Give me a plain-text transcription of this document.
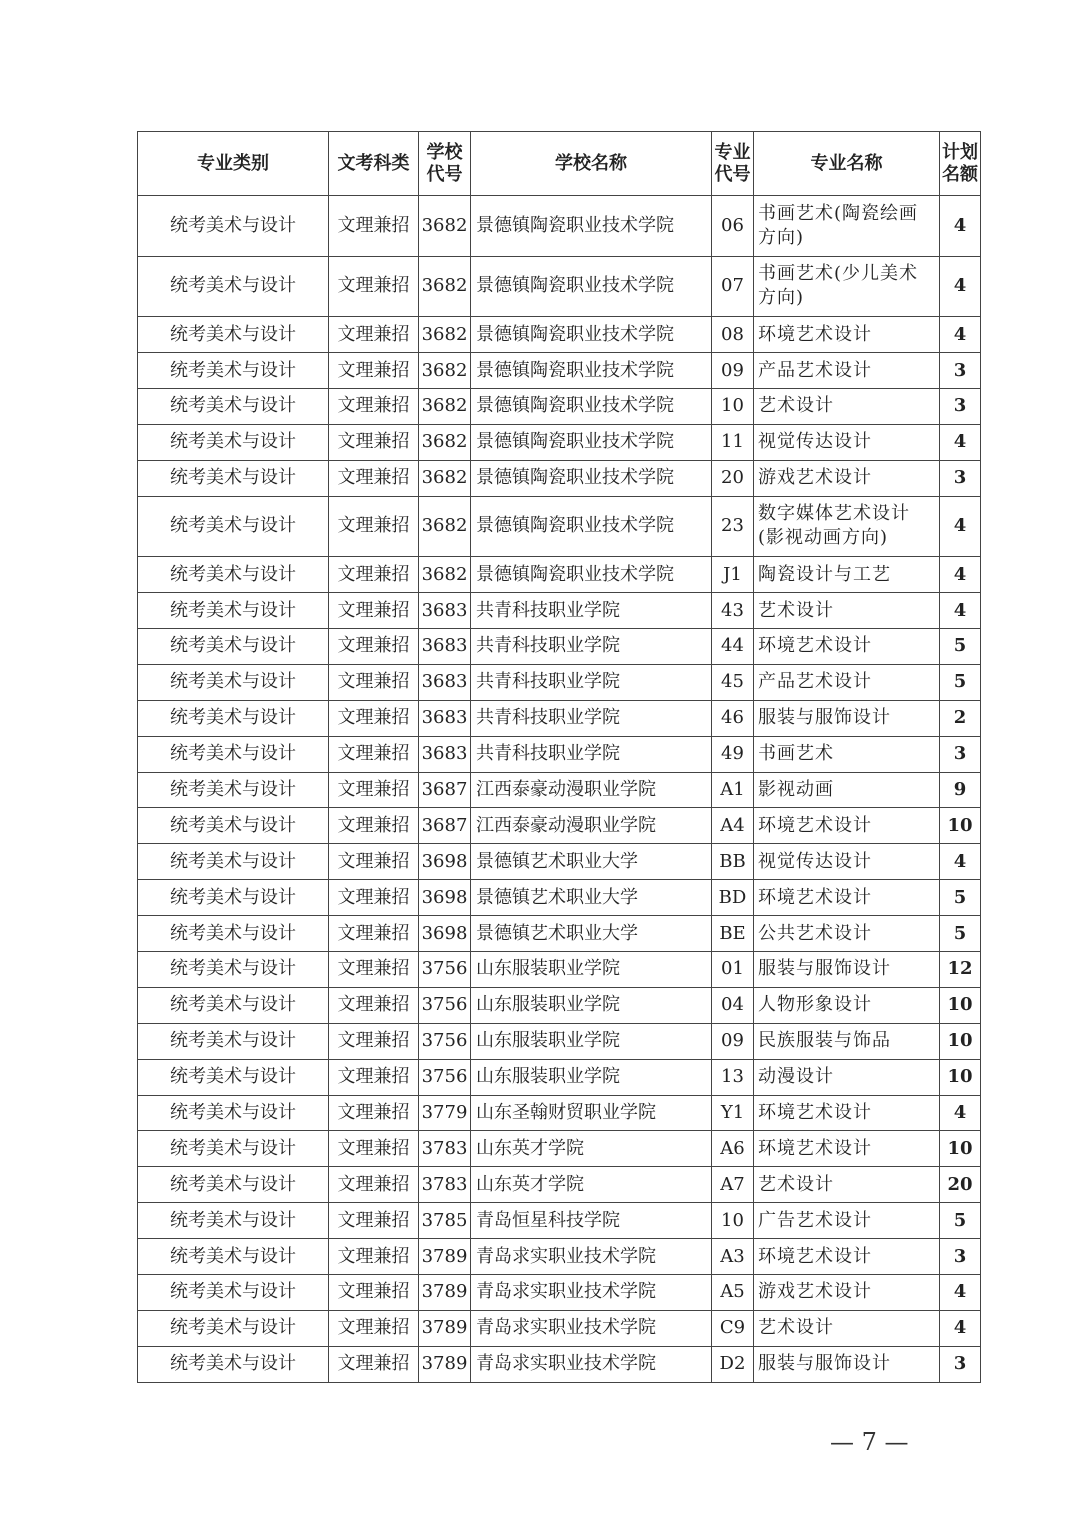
专业类别	文考科类	学校代号	学校名称	专业代号	专业名称	计划名额
统考美术与设计	文理兼招	3682	景德镇陶瓷职业技术学院	06	书画艺术(陶瓷绘画方向)	4
统考美术与设计	文理兼招	3682	景德镇陶瓷职业技术学院	07	书画艺术(少儿美术方向)	4
统考美术与设计	文理兼招	3682	景德镇陶瓷职业技术学院	08	环境艺术设计	4
统考美术与设计	文理兼招	3682	景德镇陶瓷职业技术学院	09	产品艺术设计	3
统考美术与设计	文理兼招	3682	景德镇陶瓷职业技术学院	10	艺术设计	3
统考美术与设计	文理兼招	3682	景德镇陶瓷职业技术学院	11	视觉传达设计	4
统考美术与设计	文理兼招	3682	景德镇陶瓷职业技术学院	20	游戏艺术设计	3
统考美术与设计	文理兼招	3682	景德镇陶瓷职业技术学院	23	数字媒体艺术设计(影视动画方向)	4
统考美术与设计	文理兼招	3682	景德镇陶瓷职业技术学院	J1	陶瓷设计与工艺	4
统考美术与设计	文理兼招	3683	共青科技职业学院	43	艺术设计	4
统考美术与设计	文理兼招	3683	共青科技职业学院	44	环境艺术设计	5
统考美术与设计	文理兼招	3683	共青科技职业学院	45	产品艺术设计	5
统考美术与设计	文理兼招	3683	共青科技职业学院	46	服装与服饰设计	2
统考美术与设计	文理兼招	3683	共青科技职业学院	49	书画艺术	3
统考美术与设计	文理兼招	3687	江西泰豪动漫职业学院	A1	影视动画	9
统考美术与设计	文理兼招	3687	江西泰豪动漫职业学院	A4	环境艺术设计	10
统考美术与设计	文理兼招	3698	景德镇艺术职业大学	BB	视觉传达设计	4
统考美术与设计	文理兼招	3698	景德镇艺术职业大学	BD	环境艺术设计	5
统考美术与设计	文理兼招	3698	景德镇艺术职业大学	BE	公共艺术设计	5
统考美术与设计	文理兼招	3756	山东服装职业学院	01	服装与服饰设计	12
统考美术与设计	文理兼招	3756	山东服装职业学院	04	人物形象设计	10
统考美术与设计	文理兼招	3756	山东服装职业学院	09	民族服装与饰品	10
统考美术与设计	文理兼招	3756	山东服装职业学院	13	动漫设计	10
统考美术与设计	文理兼招	3779	山东圣翰财贸职业学院	Y1	环境艺术设计	4
统考美术与设计	文理兼招	3783	山东英才学院	A6	环境艺术设计	10
统考美术与设计	文理兼招	3783	山东英才学院	A7	艺术设计	20
统考美术与设计	文理兼招	3785	青岛恒星科技学院	10	广告艺术设计	5
统考美术与设计	文理兼招	3789	青岛求实职业技术学院	A3	环境艺术设计	3
统考美术与设计	文理兼招	3789	青岛求实职业技术学院	A5	游戏艺术设计	4
统考美术与设计	文理兼招	3789	青岛求实职业技术学院	C9	艺术设计	4
统考美术与设计	文理兼招	3789	青岛求实职业技术学院	D2	服装与服饰设计	3
— 7 —
